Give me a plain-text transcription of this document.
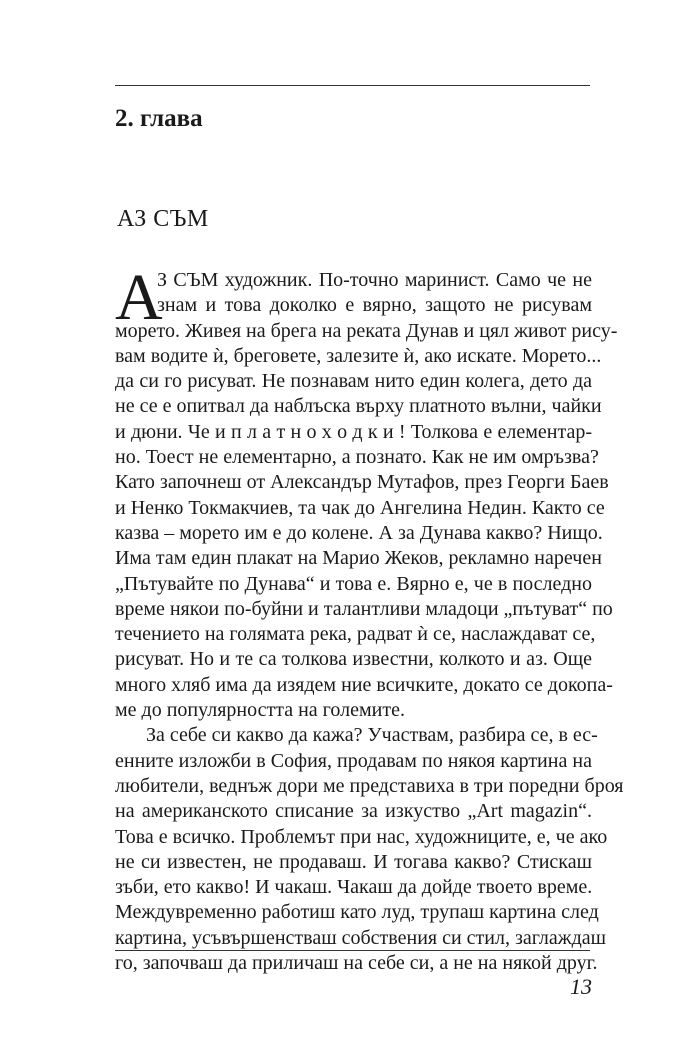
2. глава
АЗ СЪМ
А
З СЪМ художник. По-точно маринист. Само че не
знам и това доколко е вярно, защото не рисувам
морето. Живея на брега на реката Дунав и цял живот рису-
вам водите ѝ, бреговете, залезите ѝ, ако искате. Морето...
да си го рисуват. Не познавам нито един колега, дето да
не се е опитвал да наблъска върху платното вълни, чайки
и дюни. Че и п л а т н о х о д к и ! Толкова е елементар-
но. Тоест не елементарно, а познато. Как не им омръзва?
Като започнеш от Александър Мутафов, през Георги Баев
и Ненко Токмакчиев, та чак до Ангелина Недин. Както се
казва – морето им е до колене. А за Дунава какво? Нищо.
Има там един плакат на Марио Жеков, рекламно наречен
„Пътувайте по Дунава“ и това е. Вярно е, че в последно
време някои по-буйни и талантливи младоци „пътуват“ по
течението на голямата река, радват ѝ се, наслаждават се,
рисуват. Но и те са толкова известни, колкото и аз. Още
много хляб има да изядем ние всичките, докато се докопа-
ме до популярността на големите.
За себе си какво да кажа? Участвам, разбира се, в ес-
енните изложби в София, продавам по някоя картина на
любители, веднъж дори ме представиха в три поредни броя
на американското списание за изкуство „Art magazin“.
Това е всичко. Проблемът при нас, художниците, е, че ако
не си известен, не продаваш. И тогава какво? Стискаш
зъби, ето какво! И чакаш. Чакаш да дойде твоето време.
Междувременно работиш като луд, трупаш картина след
картина, усъвършенстваш собствения си стил, заглаждаш
го, започваш да приличаш на себе си, а не на някой друг.
13
